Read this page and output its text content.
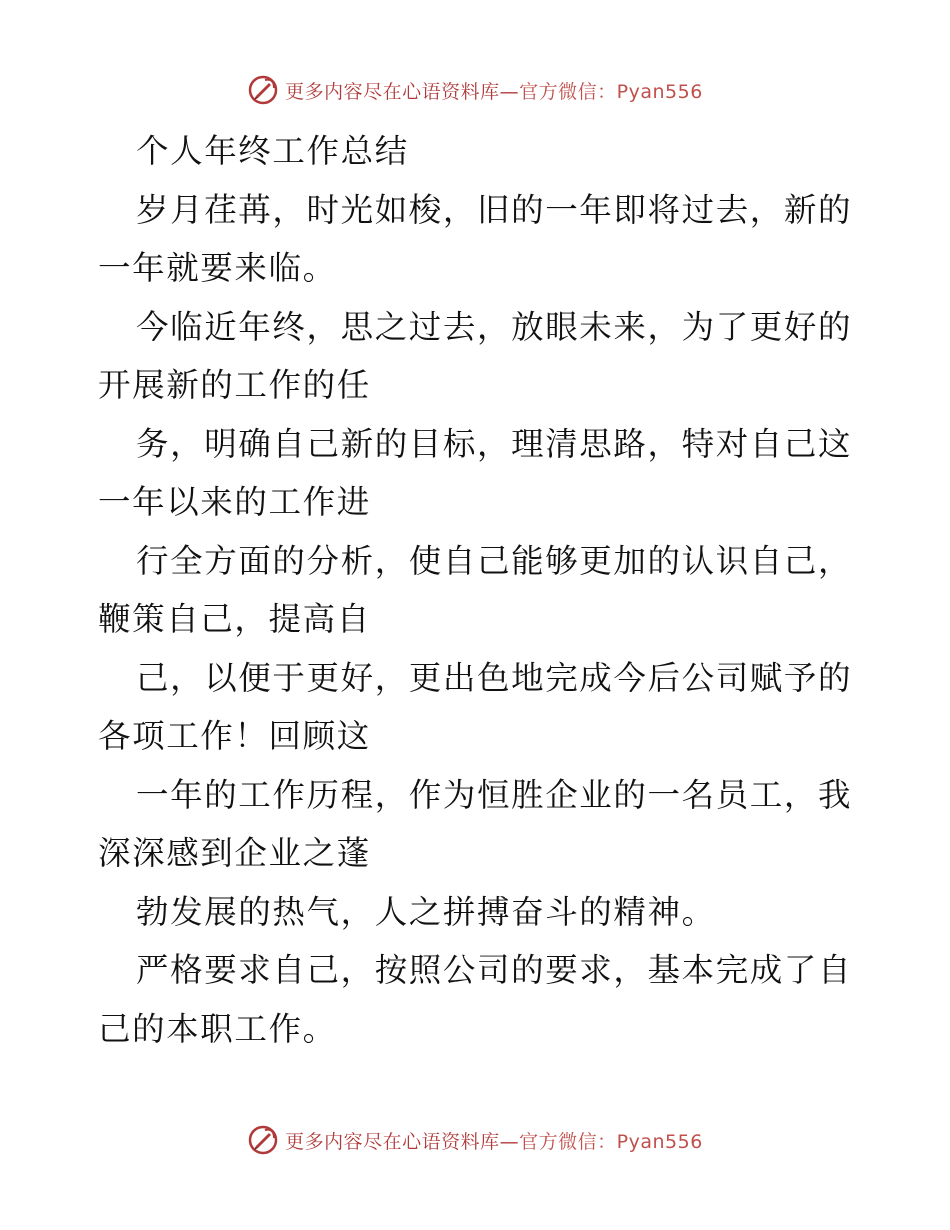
更多内容尽在心语资料库—官方微信：Pyan556
个人年终工作总结
岁月荏苒，时光如梭，旧的一年即将过去，新的
一年就要来临。
今临近年终，思之过去，放眼未来，为了更好的
开展新的工作的任
务，明确自己新的目标，理清思路，特对自己这
一年以来的工作进
行全方面的分析，使自己能够更加的认识自己，
鞭策自己，提高自
己，以便于更好，更出色地完成今后公司赋予的
各项工作！回顾这
一年的工作历程，作为恒胜企业的一名员工，我
深深感到企业之蓬
勃发展的热气，人之拼搏奋斗的精神。
严格要求自己，按照公司的要求，基本完成了自
己的本职工作。
更多内容尽在心语资料库—官方微信：Pyan556
